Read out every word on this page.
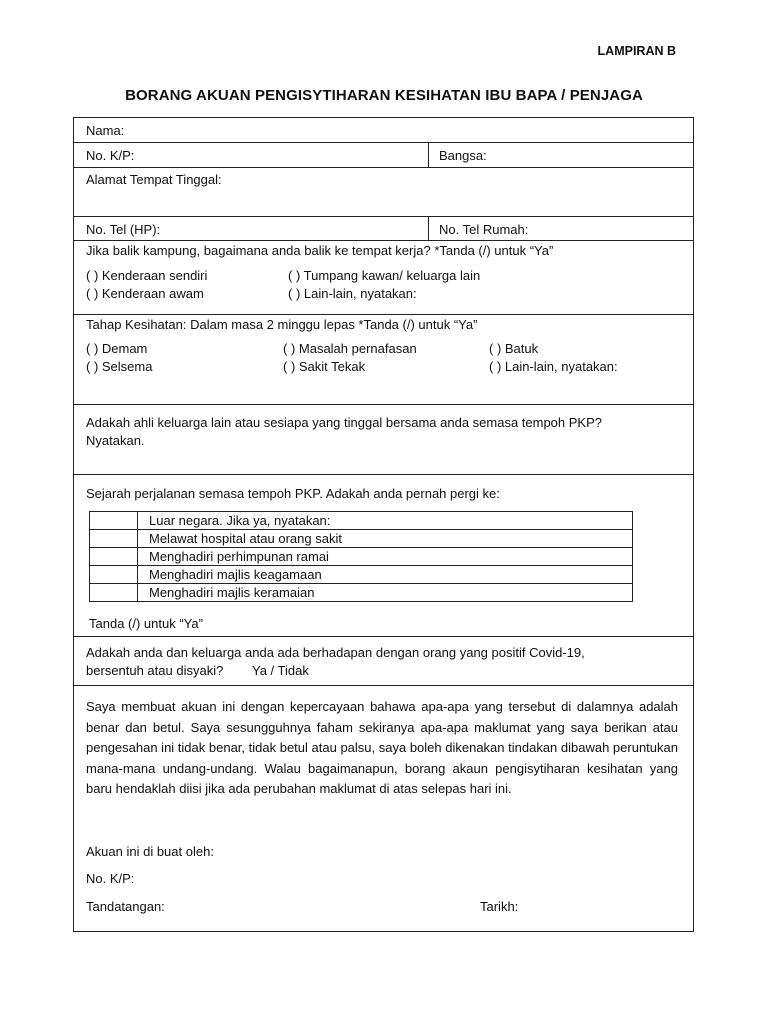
LAMPIRAN B
BORANG AKUAN PENGISYTIHARAN KESIHATAN IBU BAPA / PENJAGA
Nama:
No. K/P:	Bangsa:
Alamat Tempat Tinggal:
No. Tel (HP):	No. Tel Rumah:
Jika balik kampung, bagaimana anda balik ke tempat kerja? *Tanda (/) untuk “Ya”
( ) Kenderaan sendiri	( ) Tumpang kawan/ keluarga lain
( ) Kenderaan awam	( ) Lain-lain, nyatakan:
Tahap Kesihatan: Dalam masa 2 minggu lepas *Tanda (/) untuk “Ya”
( ) Demam	( ) Masalah pernafasan	( ) Batuk
( ) Selsema	( ) Sakit Tekak	( ) Lain-lain, nyatakan:
Adakah ahli keluarga lain atau sesiapa yang tinggal bersama anda semasa tempoh PKP?
Nyatakan.
Sejarah perjalanan semasa tempoh PKP. Adakah anda pernah pergi ke:
	Luar negara. Jika ya, nyatakan:
	Melawat hospital atau orang sakit
	Menghadiri perhimpunan ramai
	Menghadiri majlis keagamaan
	Menghadiri majlis keramaian
Tanda (/) untuk “Ya”
Adakah anda dan keluarga anda ada berhadapan dengan orang yang positif Covid-19,
bersentuh atau disyaki? Ya / Tidak
Saya membuat akuan ini dengan kepercayaan bahawa apa-apa yang tersebut di dalamnya adalah benar dan betul. Saya sesungguhnya faham sekiranya apa-apa maklumat yang saya berikan atau pengesahan ini tidak benar, tidak betul atau palsu, saya boleh dikenakan tindakan dibawah peruntukan mana-mana undang-undang. Walau bagaimanapun, borang akaun pengisytiharan kesihatan yang baru hendaklah diisi jika ada perubahan maklumat di atas selepas hari ini.
Akuan ini di buat oleh:
No. K/P:
Tandatangan:	Tarikh:
